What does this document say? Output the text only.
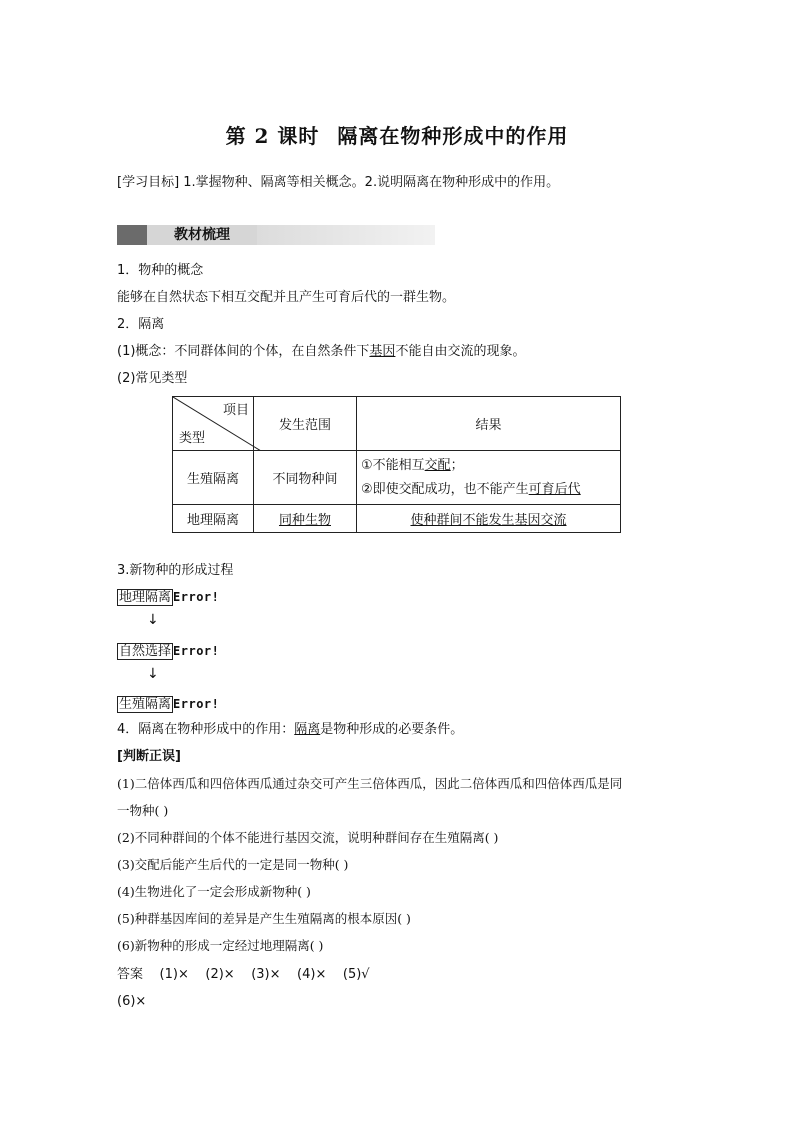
第 2 课时 隔离在物种形成中的作用
[学习目标] 1.掌握物种、隔离等相关概念。2.说明隔离在物种形成中的作用。
教材梳理
1．物种的概念
能够在自然状态下相互交配并且产生可育后代的一群生物。
2．隔离
(1)概念：不同群体间的个体，在自然条件下基因不能自由交流的现象。
(2)常见类型
项目
类型	发生范围	结果
生殖隔离	不同物种间	①不能相互交配；
②即使交配成功，也不能产生可育后代

地理隔离	同种生物	使种群间不能发生基因交流
3.新物种的形成过程
地理隔离 Error!
↓
自然选择 Error!
↓
生殖隔离 Error!
4．隔离在物种形成中的作用：隔离是物种形成的必要条件。
[判断正误]
(1)二倍体西瓜和四倍体西瓜通过杂交可产生三倍体西瓜，因此二倍体西瓜和四倍体西瓜是同
一物种( )
(2)不同种群间的个体不能进行基因交流，说明种群间存在生殖隔离( )
(3)交配后能产生后代的一定是同一物种( )
(4)生物进化了一定会形成新物种( )
(5)种群基因库间的差异是产生生殖隔离的根本原因( )
(6)新物种的形成一定经过地理隔离( )
答案    (1)×    (2)×    (3)×    (4)×    (5)√
(6)×
